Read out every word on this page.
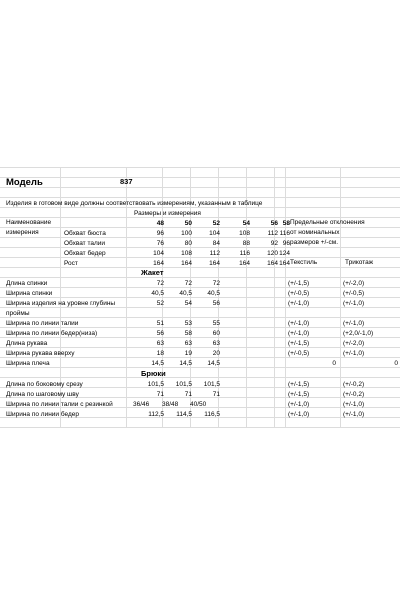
Модель	837
Изделия в готовом виде должны соответствовать измерениям, указанным в таблице
Размеры и измерения
Наименование
измерения
48	50	52	54	56 58 Предельные отклонения
от номинальных
размеров +/-см.
Текстиль	Трикотаж
Обхват бюста	96	100	104	108	112 116
Обхват талии	76	80	84	88	92 96
Обхват бедер	104	108	112	116	120 124
Рост	164	164	164	164	164 164
Жакет
Длина спинки	72	72	72	(+/-1,5)	(+/-2,0)
Ширина спинки	40,5	40,5	40,5	(+/-0,5)	(+/-0,5)
Ширина изделия на уровне глубины	52	54	56	(+/-1,0)	(+/-1,0)
проймы
Ширина по линии талии	51	53	55	(+/-1,0)	(+/-1,0)
Ширина по линии бедер(низа)	56	58	60	(+/-1,0)	(+2,0/-1,0)
Длина рукава	63	63	63	(+/-1,5)	(+/-2,0)
Ширина рукава вверху	18	19	20	(+/-0,5)	(+/-1,0)
Ширина плеча	14,5	14,5	14,5	0	0
Брюки
Длина по боковому срезу	101,5	101,5	101,5	(+/-1,5)	(+/-0,2)
Длина по шаговому шву	71	71	71	(+/-1,5)	(+/-0,2)
Ширина по линии талии с резинкой	36/46 38/48 40/50	(+/-1,0)	(+/-1,0)
Ширина по линии бедер	112,5	114,5	116,5	(+/-1,0)	(+/-1,0)
